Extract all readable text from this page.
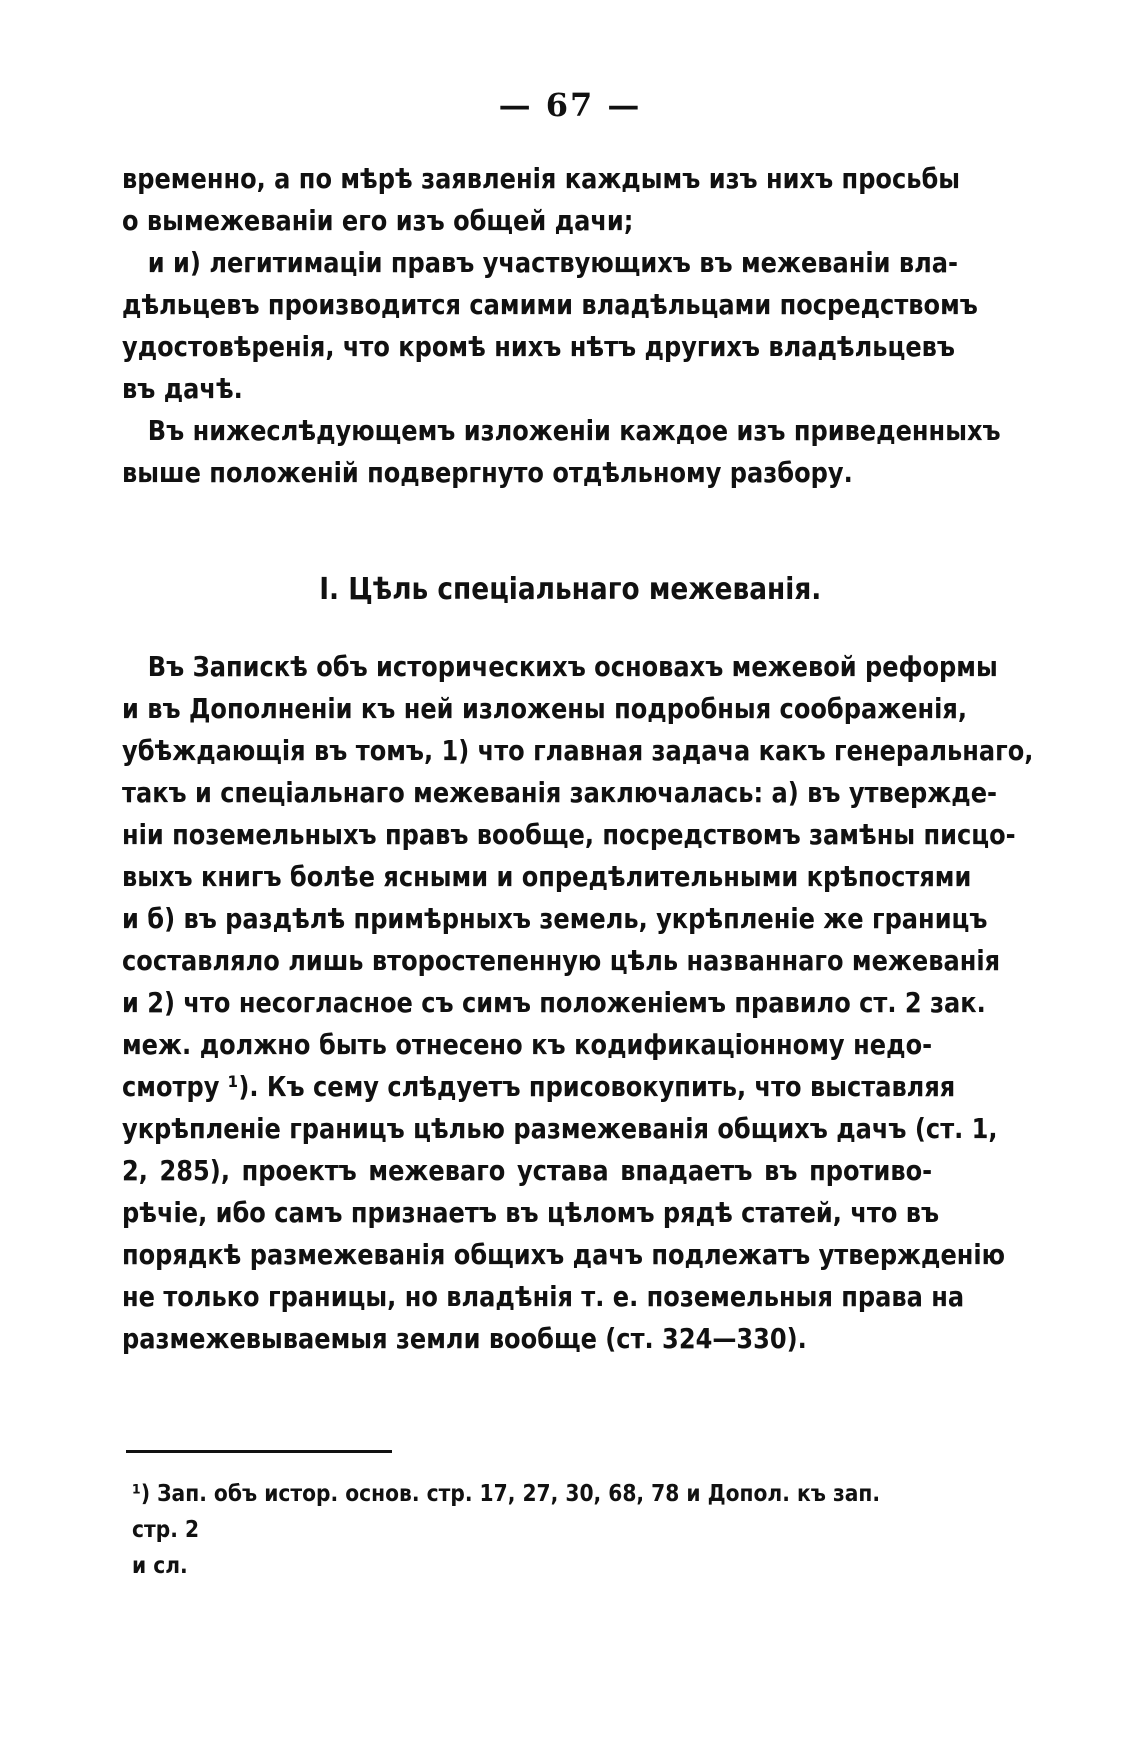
— 67 —
временно, а по мѣрѣ заявленія каждымъ изъ нихъ просьбы
о вымежеваніи его изъ общей дачи;
и и) легитимаціи правъ участвующихъ въ межеваніи вла-
дѣльцевъ производится самими владѣльцами посредствомъ
удостовѣренія, что кромѣ нихъ нѣтъ другихъ владѣльцевъ
въ дачѣ.
Въ нижеслѣдующемъ изложеніи каждое изъ приведенныхъ
выше положеній подвергнуто отдѣльному разбору.
I. Цѣль спеціальнаго межеванія.
Въ Запискѣ объ историческихъ основахъ межевой реформы
и въ Дополненіи къ ней изложены подробныя соображенія,
убѣждающія въ томъ, 1) что главная задача какъ генеральнаго,
такъ и спеціальнаго межеванія заключалась: а) въ утвержде-
ніи поземельныхъ правъ вообще, посредствомъ замѣны писцо-
выхъ книгъ болѣе ясными и опредѣлительными крѣпостями
и б) въ раздѣлѣ примѣрныхъ земель, укрѣпленіе же границъ
составляло лишь второстепенную цѣль названнаго межеванія
и 2) что несогласное съ симъ положеніемъ правило ст. 2 зак.
меж. должно быть отнесено къ кодификаціонному недо-
смотру ¹). Къ сему слѣдуетъ присовокупить, что выставляя
укрѣпленіе границъ цѣлью размежеванія общихъ дачъ (ст. 1,
2, 285), проектъ межеваго устава впадаетъ въ противо-
рѣчіе, ибо самъ признаетъ въ цѣломъ рядѣ статей, что въ
порядкѣ размежеванія общихъ дачъ подлежатъ утвержденію
не только границы, но владѣнія т. е. поземельныя права на
размежевываемыя земли вообще (ст. 324—330).
¹) Зап. объ истор. основ. стр. 17, 27, 30, 68, 78 и Допол. къ зап. стр. 2
и сл.
